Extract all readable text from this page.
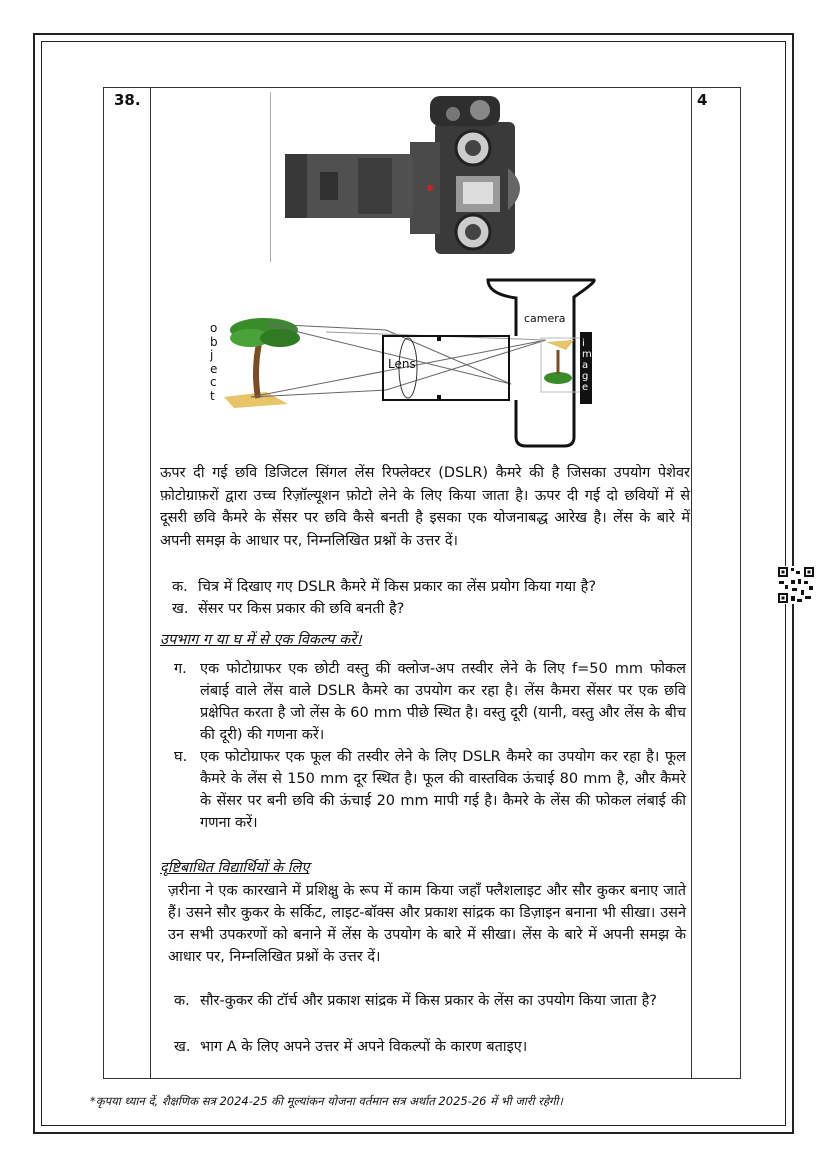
38.	4
o
b
j
e
c
t
Lens
camera
i
m
a
g
e
ऊपर दी गई छवि डिजिटल सिंगल लेंस रिफ्लेक्टर (DSLR) कैमरे की है जिसका उपयोग पेशेवर फ़ोटोग्राफ़रों द्वारा उच्च रिज़ॉल्यूशन फ़ोटो लेने के लिए किया जाता है। ऊपर दी गई दो छवियों में से दूसरी छवि कैमरे के सेंसर पर छवि कैसे बनती है इसका एक योजनाबद्ध आरेख है। लेंस के बारे में अपनी समझ के आधार पर, निम्नलिखित प्रश्नों के उत्तर दें।
क. चित्र में दिखाए गए DSLR कैमरे में किस प्रकार का लेंस प्रयोग किया गया है?
ख. सेंसर पर किस प्रकार की छवि बनती है?
उपभाग ग या घ में से एक विकल्प करें।
ग. एक फोटोग्राफर एक छोटी वस्तु की क्लोज-अप तस्वीर लेने के लिए f=50 mm फोकल लंबाई वाले लेंस वाले DSLR कैमरे का उपयोग कर रहा है। लेंस कैमरा सेंसर पर एक छवि प्रक्षेपित करता है जो लेंस के 60 mm पीछे स्थित है। वस्तु दूरी (यानी, वस्तु और लेंस के बीच की दूरी) की गणना करें।
घ. एक फोटोग्राफर एक फूल की तस्वीर लेने के लिए DSLR कैमरे का उपयोग कर रहा है। फूल कैमरे के लेंस से 150 mm दूर स्थित है। फूल की वास्तविक ऊंचाई 80 mm है, और कैमरे के सेंसर पर बनी छवि की ऊंचाई 20 mm मापी गई है। कैमरे के लेंस की फोकल लंबाई की गणना करें।
दृष्टिबाधित विद्यार्थियों के लिए
ज़रीना ने एक कारखाने में प्रशिक्षु के रूप में काम किया जहाँ फ्लैशलाइट और सौर कुकर बनाए जाते हैं। उसने सौर कुकर के सर्किट, लाइट-बॉक्स और प्रकाश सांद्रक का डिज़ाइन बनाना भी सीखा। उसने उन सभी उपकरणों को बनाने में लेंस के उपयोग के बारे में सीखा। लेंस के बारे में अपनी समझ के आधार पर, निम्नलिखित प्रश्नों के उत्तर दें।
क. सौर-कुकर की टॉर्च और प्रकाश सांद्रक में किस प्रकार के लेंस का उपयोग किया जाता है?
ख. भाग A के लिए अपने उत्तर में अपने विकल्पों के कारण बताइए।
*कृपया ध्यान दें, शैक्षणिक सत्र 2024-25 की मूल्यांकन योजना वर्तमान सत्र अर्थात 2025-26 में भी जारी रहेगी।
